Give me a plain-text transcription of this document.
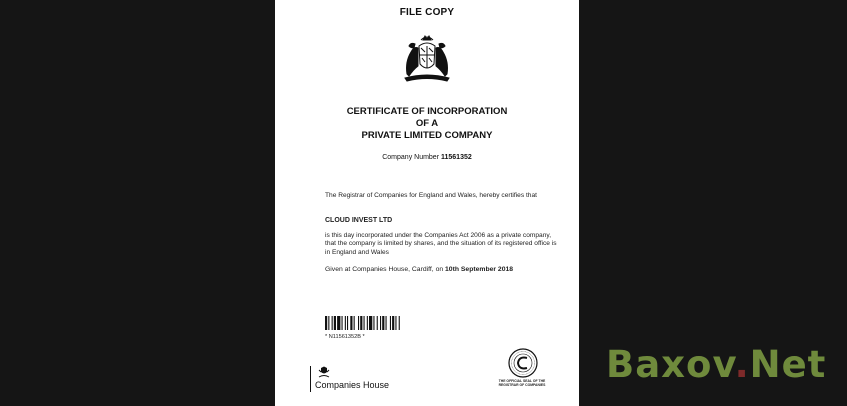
FILE COPY
CERTIFICATE OF INCORPORATION
OF A
PRIVATE LIMITED COMPANY
Company Number 11561352
The Registrar of Companies for England and Wales, hereby certifies that
CLOUD INVEST LTD
is this day incorporated under the Companies Act 2006 as a private company, that the company is limited by shares, and the situation of its registered office is in England and Wales
Given at Companies House, Cardiff, on 10th September 2018
* N11561352B *
THE OFFICIAL SEAL OF THE REGISTRAR OF COMPANIES
Companies House	Baxov.Net
